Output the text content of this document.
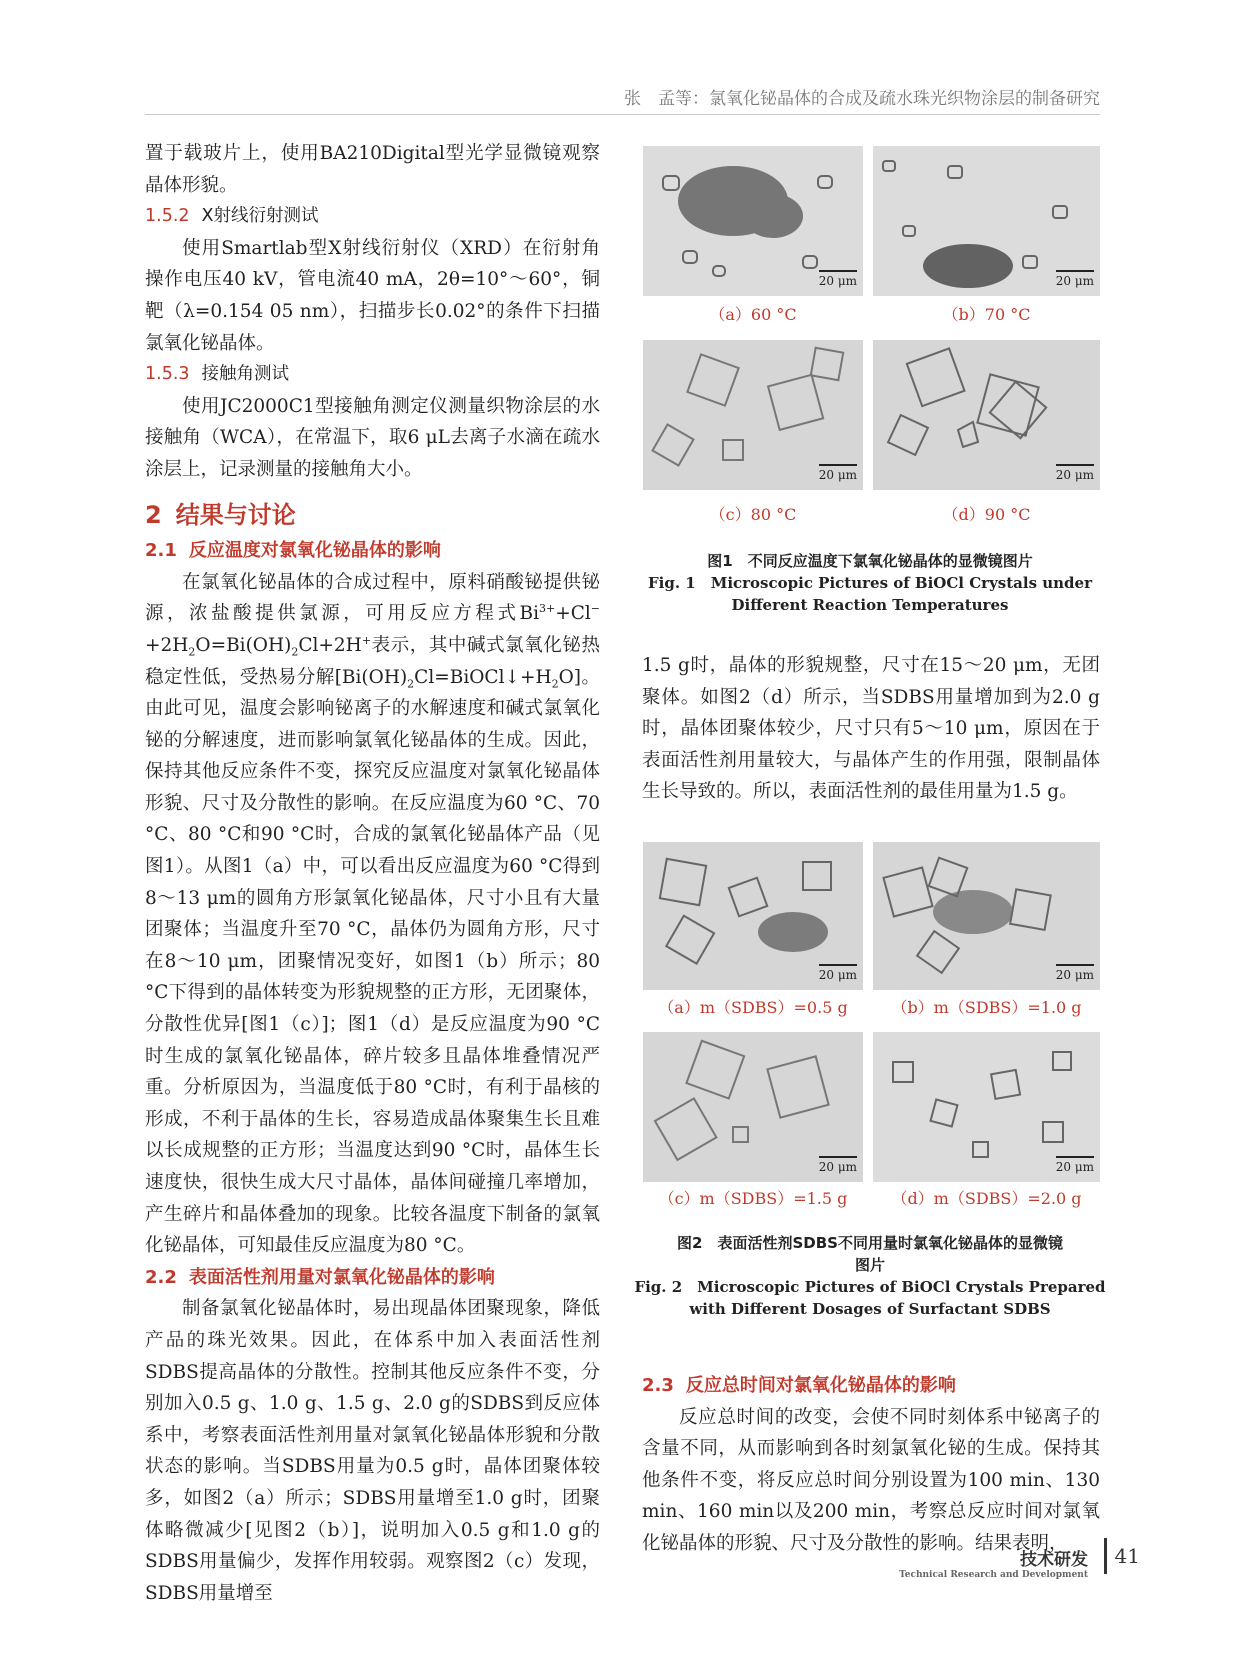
张　孟等：氯氧化铋晶体的合成及疏水珠光织物涂层的制备研究

置于载玻片上，使用BA210Digital型光学显微镜观察晶体形貌。

1.5.2 X射线衍射测试

使用Smartlab型X射线衍射仪（XRD）在衍射角操作电压40 kV，管电流40 mA，2θ=10°～60°，铜靶（λ=0.154 05 nm），扫描步长0.02°的条件下扫描氯氧化铋晶体。

1.5.3 接触角测试

使用JC2000C1型接触角测定仪测量织物涂层的水接触角（WCA），在常温下，取6 μL去离子水滴在疏水涂层上，记录测量的接触角大小。

2 结果与讨论
2.1 反应温度对氯氧化铋晶体的影响

在氯氧化铋晶体的合成过程中，原料硝酸铋提供铋源，浓盐酸提供氯源，可用反应方程式$Bi^{3+}+Cl^-+2H_2O=Bi(OH)_2Cl+2H^+$表示，其中碱式氯氧化铋热稳定性低，受热易分解$[Bi(OH)_2Cl=BiOCl↓+H_2O]$。由此可见，温度会影响铋离子的水解速度和碱式氯氧化铋的分解速度，进而影响氯氧化铋晶体的生成。因此，保持其他反应条件不变，探究反应温度对氯氧化铋晶体形貌、尺寸及分散性的影响。在反应温度为60 °C、70 °C、80 °C和90 °C时，合成的氯氧化铋晶体产品（见图1）。从图1（a）中，可以看出反应温度为60 °C得到8～13 μm的圆角方形氯氧化铋晶体，尺寸小且有大量团聚体；当温度升至70 °C，晶体仍为圆角方形，尺寸在8～10 μm，团聚情况变好，如图1（b）所示；80 °C下得到的晶体转变为形貌规整的正方形，无团聚体，分散性优异[图1（c）]；图1（d）是反应温度为90 °C时生成的氯氧化铋晶体，碎片较多且晶体堆叠情况严重。分析原因为，当温度低于80 °C时，有利于晶核的形成，不利于晶体的生长，容易造成晶体聚集生长且难以长成规整的正方形；当温度达到90 °C时，晶体生长速度快，很快生成大尺寸晶体，晶体间碰撞几率增加，产生碎片和晶体叠加的现象。比较各温度下制备的氯氧化铋晶体，可知最佳反应温度为80 °C。

2.2 表面活性剂用量对氯氧化铋晶体的影响

制备氯氧化铋晶体时，易出现晶体团聚现象，降低产品的珠光效果。因此，在体系中加入表面活性剂SDBS提高晶体的分散性。控制其他反应条件不变，分别加入0.5 g、1.0 g、1.5 g、2.0 g的SDBS到反应体系中，考察表面活性剂用量对氯氧化铋晶体形貌和分散状态的影响。当SDBS用量为0.5 g时，晶体团聚体较多，如图2（a）所示；SDBS用量增至1.0 g时，团聚体略微减少[见图2（b）]，说明加入0.5 g和1.0 g的SDBS用量偏少，发挥作用较弱。观察图2（c）发现，SDBS用量增至

20 μm	20 μm
（a）60 °C	（b）70 °C
20 μm	20 μm
（c）80 °C	（d）90 °C
图1　不同反应温度下氯氧化铋晶体的显微镜图片
Fig. 1　Microscopic Pictures of BiOCl Crystals under
Different Reaction Temperatures

1.5 g时，晶体的形貌规整，尺寸在15～20 μm，无团聚体。如图2（d）所示，当SDBS用量增加到为2.0 g时，晶体团聚体较少，尺寸只有5～10 μm，原因在于表面活性剂用量较大，与晶体产生的作用强，限制晶体生长导致的。所以，表面活性剂的最佳用量为1.5 g。

20 μm	20 μm
（a）m（SDBS）=0.5 g	（b）m（SDBS）=1.0 g
20 μm	20 μm
（c）m（SDBS）=1.5 g	（d）m（SDBS）=2.0 g
图2　表面活性剂SDBS不同用量时氯氧化铋晶体的显微镜
图片
Fig. 2　Microscopic Pictures of BiOCl Crystals Prepared
with Different Dosages of Surfactant SDBS
2.3 反应总时间对氯氧化铋晶体的影响

反应总时间的改变，会使不同时刻体系中铋离子的含量不同，从而影响到各时刻氯氧化铋的生成。保持其他条件不变，将反应总时间分别设置为100 min、130 min、160 min以及200 min，考察总反应时间对氯氧化铋晶体的形貌、尺寸及分散性的影响。结果表明，

技术研发
Technical Research and Development
41
